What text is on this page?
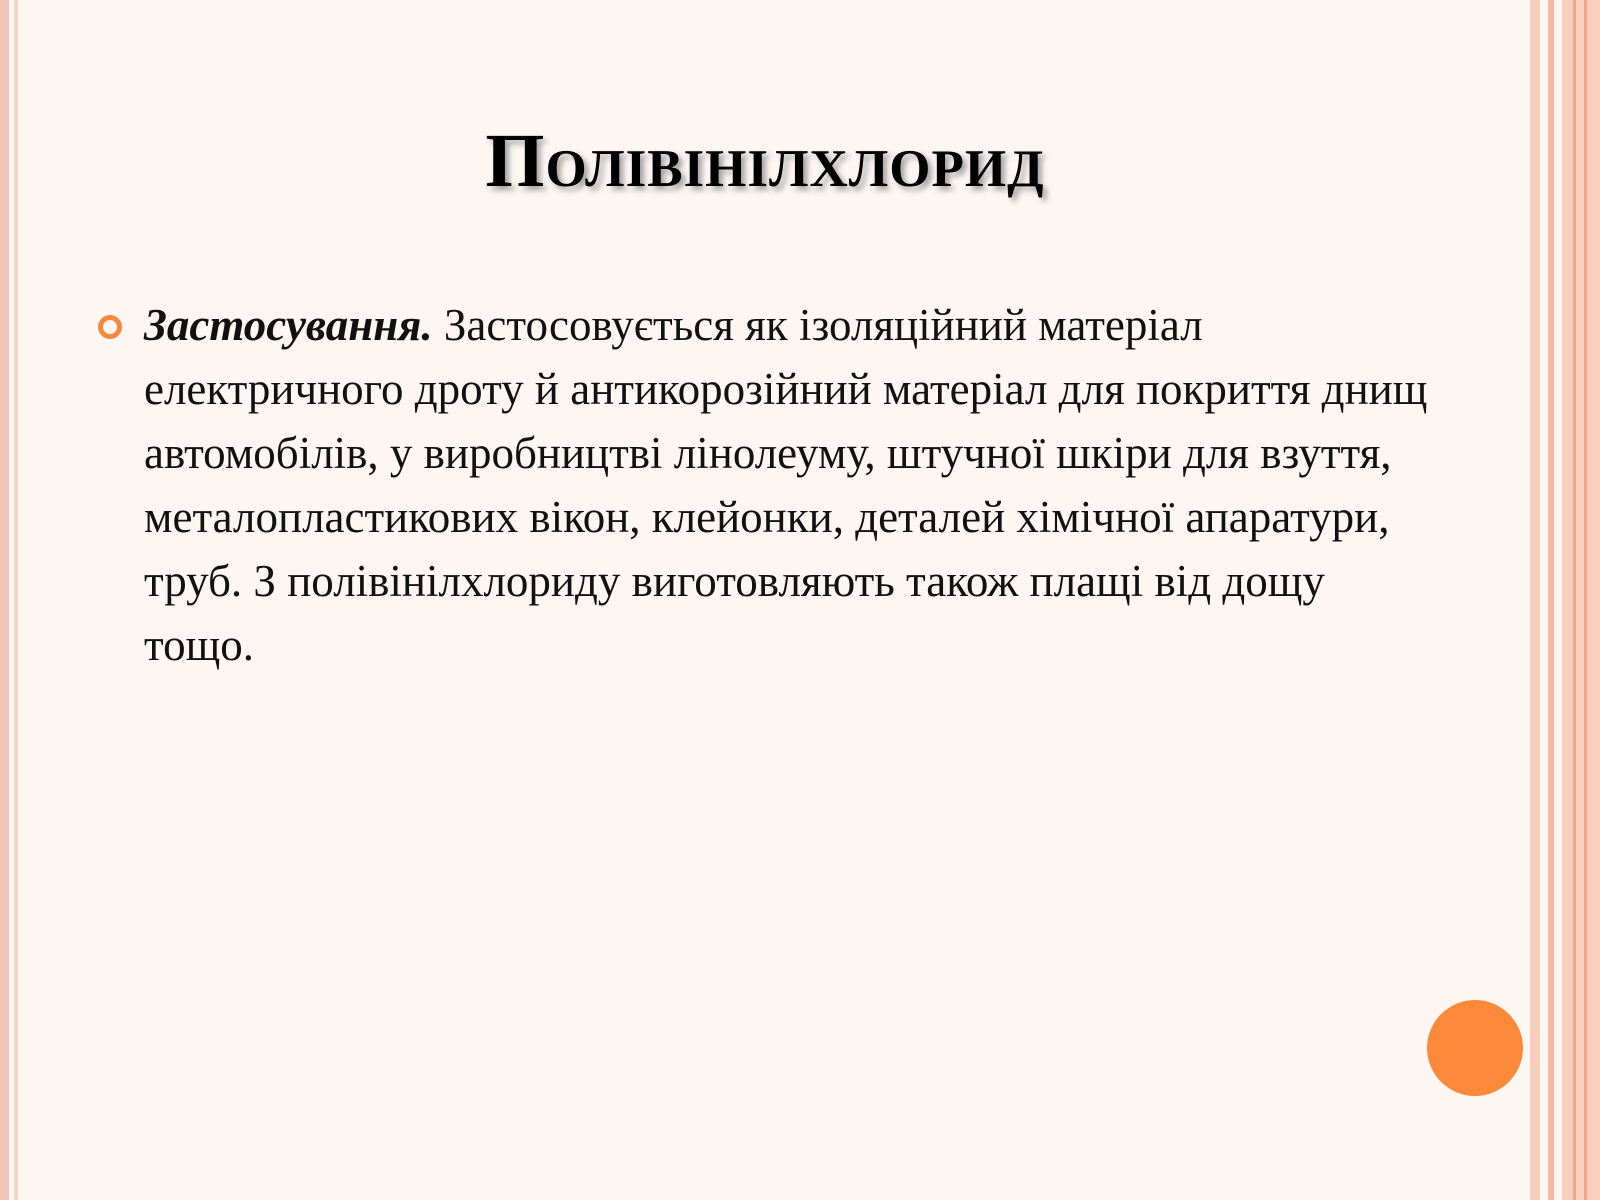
Полівінілхлорид

Застосування. Застосовується як ізоляційний матеріал електричного дроту й антикорозійний матеріал для покриття днищ автомобілів, у виробництві лінолеуму, штучної шкіри для взуття, металопластикових вікон, клейонки, деталей хімічної апаратури, труб. З полівінілхлориду виготовляють також плащі від дощу тощо.
